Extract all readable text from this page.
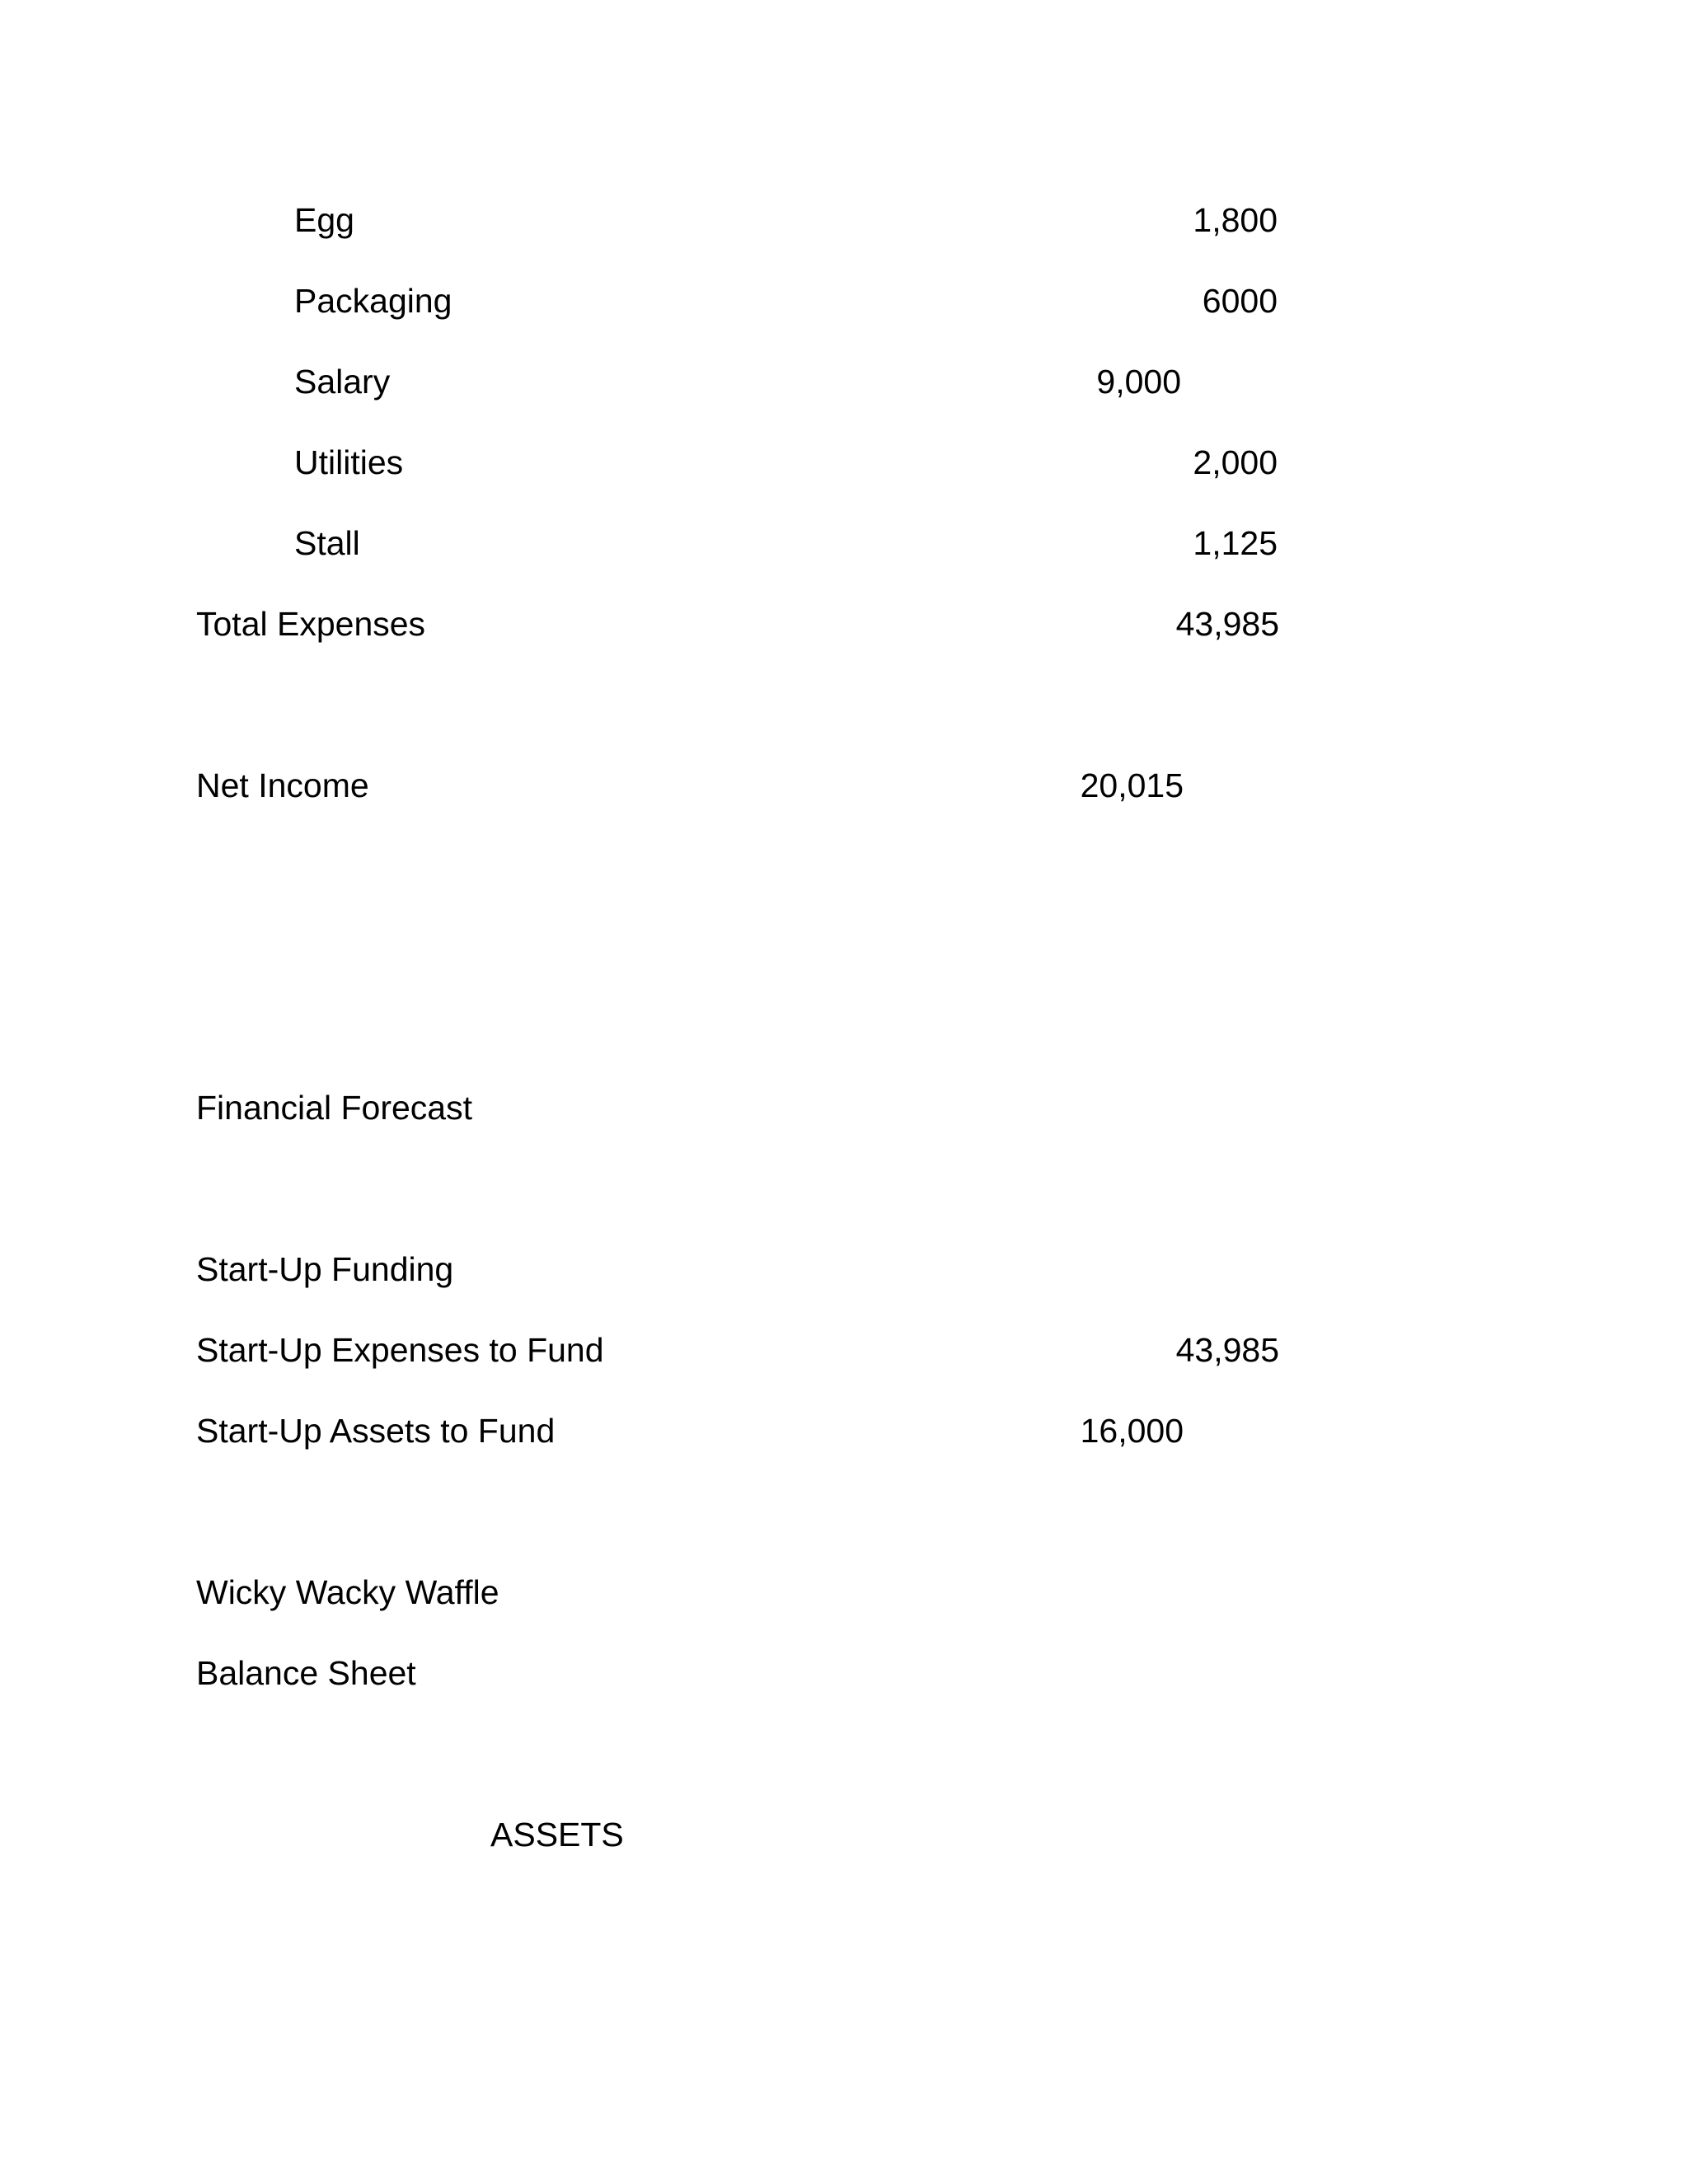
Egg	1,800
Packaging	6000
Salary	9,000
Utilities	2,000
Stall	1,125
Total Expenses	43,985
Net Income	20,015
Financial Forecast
Start-Up Funding
Start-Up Expenses to Fund	43,985
Start-Up Assets to Fund	16,000
Wicky Wacky Waffle
Balance Sheet
ASSETS
